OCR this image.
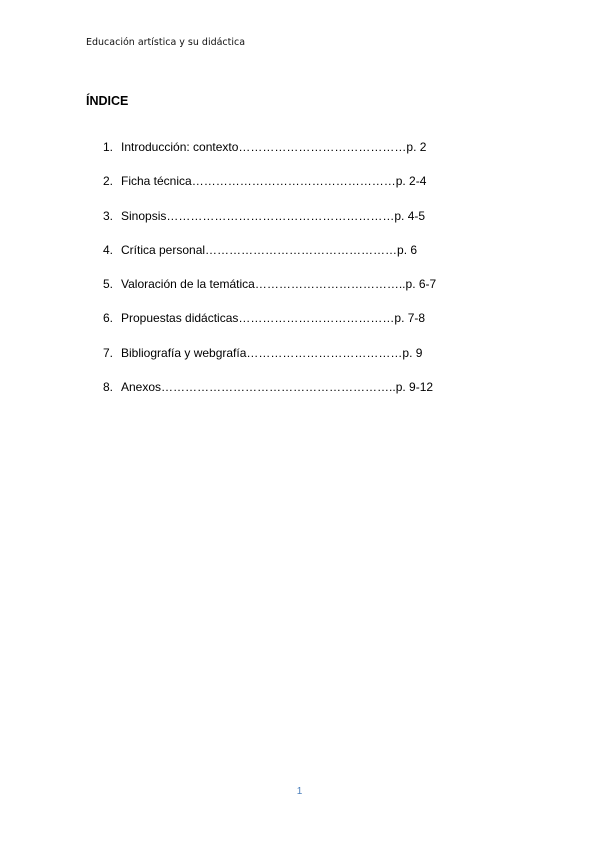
Educación artística y su didáctica
ÍNDICE
1. Introducción: contexto……………………………………p. 2
2. Ficha técnica……………………………………………p. 2-4
3. Sinopsis…………………………………………………p. 4-5
4. Crítica personal…………………………………………p. 6
5. Valoración de la temática………………………………..p. 6-7
6. Propuestas didácticas…………………………………p. 7-8
7. Bibliografía y webgrafía…………………………………p. 9
8. Anexos…………………………………………………..p. 9-12
1
